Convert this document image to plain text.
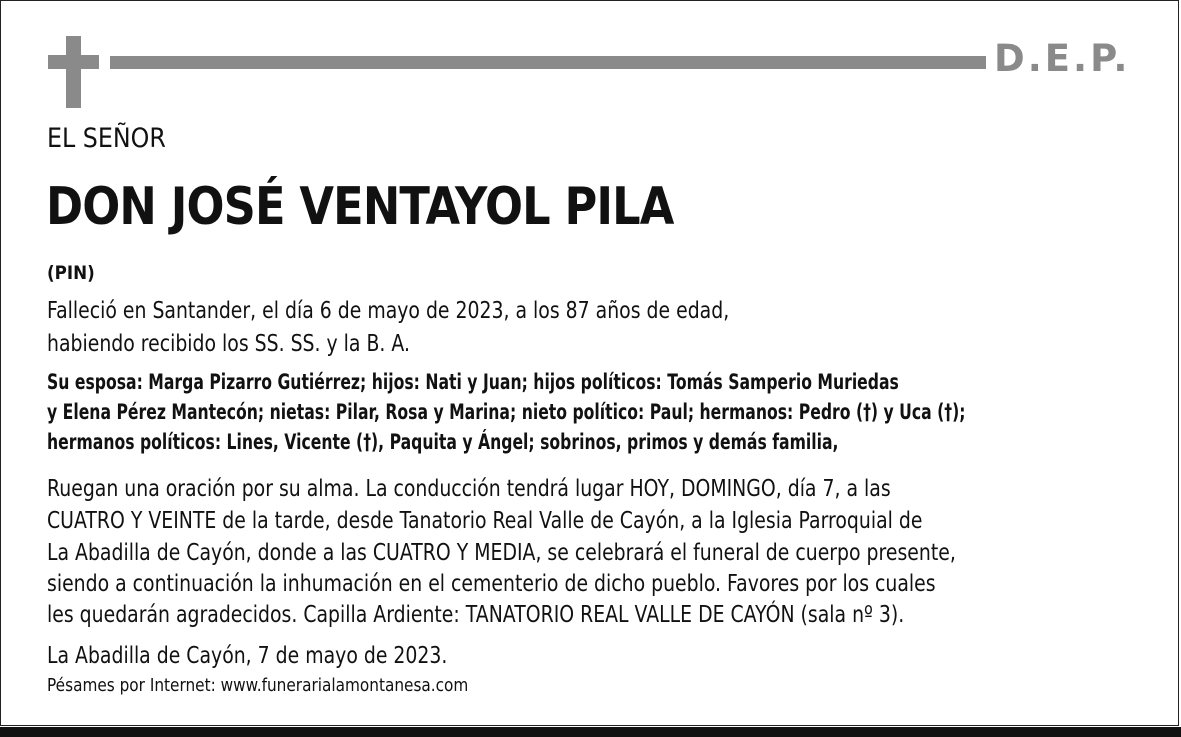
D.E.P.
EL SEÑOR
DON JOSÉ VENTAYOL PILA
(PIN)
Falleció en Santander, el día 6 de mayo de 2023, a los 87 años de edad,
habiendo recibido los SS. SS. y la B. A.
Su esposa: Marga Pizarro Gutiérrez; hijos: Nati y Juan; hijos políticos: Tomás Samperio Muriedas
y Elena Pérez Mantecón; nietas: Pilar, Rosa y Marina; nieto político: Paul; hermanos: Pedro (†) y Uca (†);
hermanos políticos: Lines, Vicente (†), Paquita y Ángel; sobrinos, primos y demás familia,
Ruegan una oración por su alma. La conducción tendrá lugar HOY, DOMINGO, día 7, a las
CUATRO Y VEINTE de la tarde, desde Tanatorio Real Valle de Cayón, a la Iglesia Parroquial de
La Abadilla de Cayón, donde a las CUATRO Y MEDIA, se celebrará el funeral de cuerpo presente,
siendo a continuación la inhumación en el cementerio de dicho pueblo. Favores por los cuales
les quedarán agradecidos. Capilla Ardiente: TANATORIO REAL VALLE DE CAYÓN (sala nº 3).
La Abadilla de Cayón, 7 de mayo de 2023.
Pésames por Internet: www.funerarialamontanesa.com
